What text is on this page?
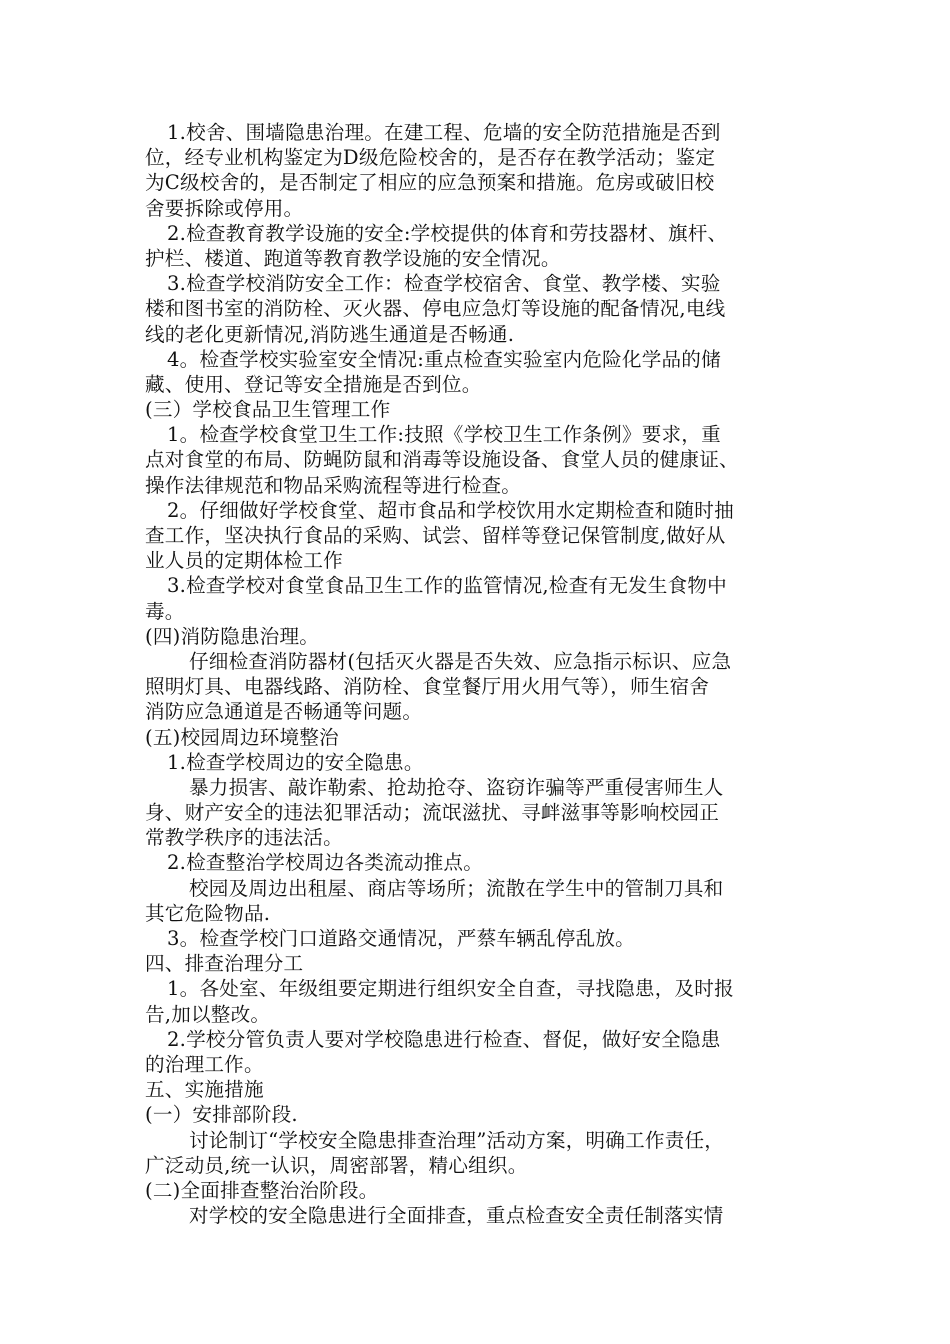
1.校舍、围墙隐患治理。在建工程、危墙的安全防范措施是否到
位，经专业机构鉴定为D级危险校舍的，是否存在教学活动；鉴定
为C级校舍的，是否制定了相应的应急预案和措施。危房或破旧校
舍要拆除或停用。
2.检查教育教学设施的安全:学校提供的体育和劳技器材、旗杆、
护栏、楼道、跑道等教育教学设施的安全情况。
3.检查学校消防安全工作：检查学校宿舍、食堂、教学楼、实验
楼和图书室的消防栓、灭火器、停电应急灯等设施的配备情况,电线
线的老化更新情况,消防逃生通道是否畅通.
4。检查学校实验室安全情况:重点检查实验室内危险化学品的储
藏、使用、登记等安全措施是否到位。
(三）学校食品卫生管理工作
1。检查学校食堂卫生工作:技照《学校卫生工作条例》要求，重
点对食堂的布局、防蝇防鼠和消毒等设施设备、食堂人员的健康证、
操作法律规范和物品采购流程等进行检查。
2。仔细做好学校食堂、超市食品和学校饮用水定期检查和随时抽
查工作，坚决执行食品的采购、试尝、留样等登记保管制度,做好从
业人员的定期体检工作
3.检查学校对食堂食品卫生工作的监管情况,检查有无发生食物中
毒。
(四)消防隐患治理。
仔细检查消防器材(包括灭火器是否失效、应急指示标识、应急
照明灯具、电器线路、消防栓、食堂餐厅用火用气等），师生宿舍
消防应急通道是否畅通等问题。
(五)校园周边环境整治
1.检查学校周边的安全隐患。
暴力损害、敲诈勒索、抢劫抢夺、盗窃诈骗等严重侵害师生人
身、财产安全的违法犯罪活动；流氓滋扰、寻衅滋事等影响校园正
常教学秩序的违法活。
2.检查整治学校周边各类流动推点。
校园及周边出租屋、商店等场所；流散在学生中的管制刀具和
其它危险物品.
3。检查学校门口道路交通情况，严蔡车辆乱停乱放。
四、排查治理分工
1。各处室、年级组要定期进行组织安全自查，寻找隐患，及时报
告,加以整改。
2.学校分管负责人要对学校隐患进行检查、督促，做好安全隐患
的治理工作。
五、实施措施
(一）安排部阶段.
讨论制订“学校安全隐患排查治理”活动方案，明确工作责任，
广泛动员,统一认识，周密部署，精心组织。
(二)全面排查整治治阶段。
对学校的安全隐患进行全面排查，重点检查安全责任制落实情
